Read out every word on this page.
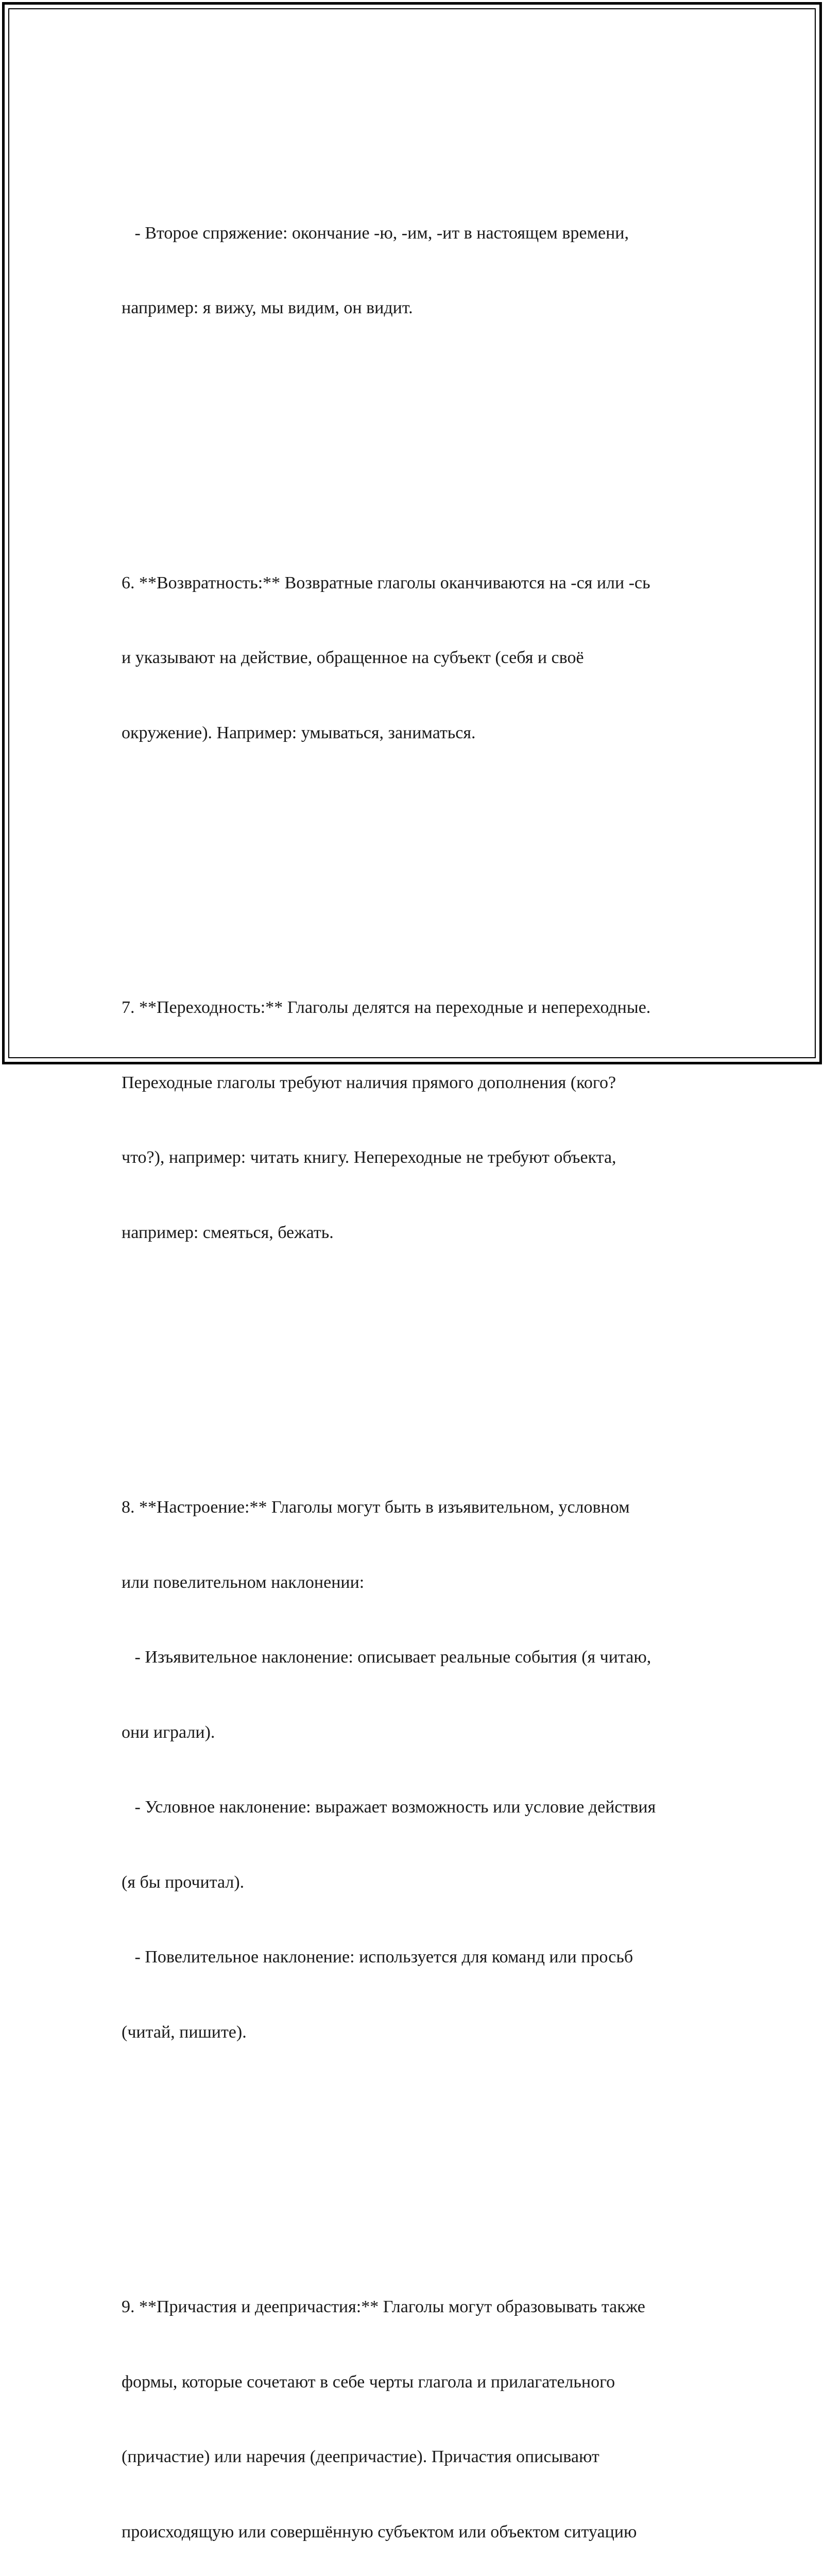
- Второе спряжение: окончание -ю, -им, -ит в настоящем времени,

например: я вижу, мы видим, он видит.

6. **Возвратность:** Возвратные глаголы оканчиваются на -ся или -сь

и указывают на действие, обращенное на субъект (себя и своё

окружение). Например: умываться, заниматься.

7. **Переходность:** Глаголы делятся на переходные и непереходные.

Переходные глаголы требуют наличия прямого дополнения (кого?

что?), например: читать книгу. Непереходные не требуют объекта,

например: смеяться, бежать.

8. **Настроение:** Глаголы могут быть в изъявительном, условном

или повелительном наклонении:

- Изъявительное наклонение: описывает реальные события (я читаю,

они играли).

- Условное наклонение: выражает возможность или условие действия

(я бы прочитал).

- Повелительное наклонение: используется для команд или просьб

(читай, пишите).

9. **Причастия и деепричастия:** Глаголы могут образовывать также

формы, которые сочетают в себе черты глагола и прилагательного

(причастие) или наречия (деепричастие). Причастия описывают

происходящую или совершённую субъектом или объектом ситуацию
